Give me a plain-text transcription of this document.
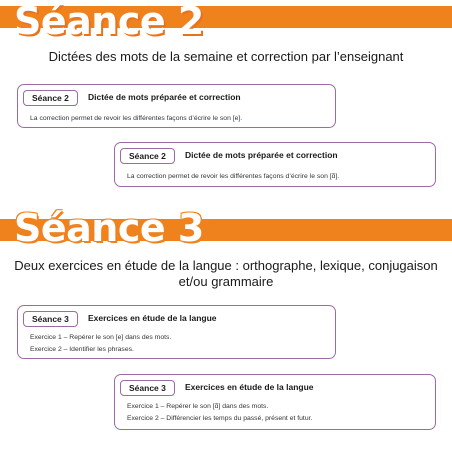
Séance 2

Dictées des mots de la semaine et correction par l’enseignant

Séance 2	Dictée de mots préparée et correction
La correction permet de revoir les différentes façons d’écrire le son [e].
Séance 2	Dictée de mots préparée et correction
La correction permet de revoir les différentes façons d’écrire le son [ɑ̃].
Séance 3

Deux exercices en étude de la langue : orthographe, lexique, conjugaison

et/ou grammaire

Séance 3	Exercices en étude de la langue
Exercice 1 – Repérer le son [e] dans des mots.
Exercice 2 – Identifier les phrases.
Séance 3	Exercices en étude de la langue
Exercice 1 – Repérer le son [ɑ̃] dans des mots.
Exercice 2 – Différencier les temps du passé, présent et futur.
